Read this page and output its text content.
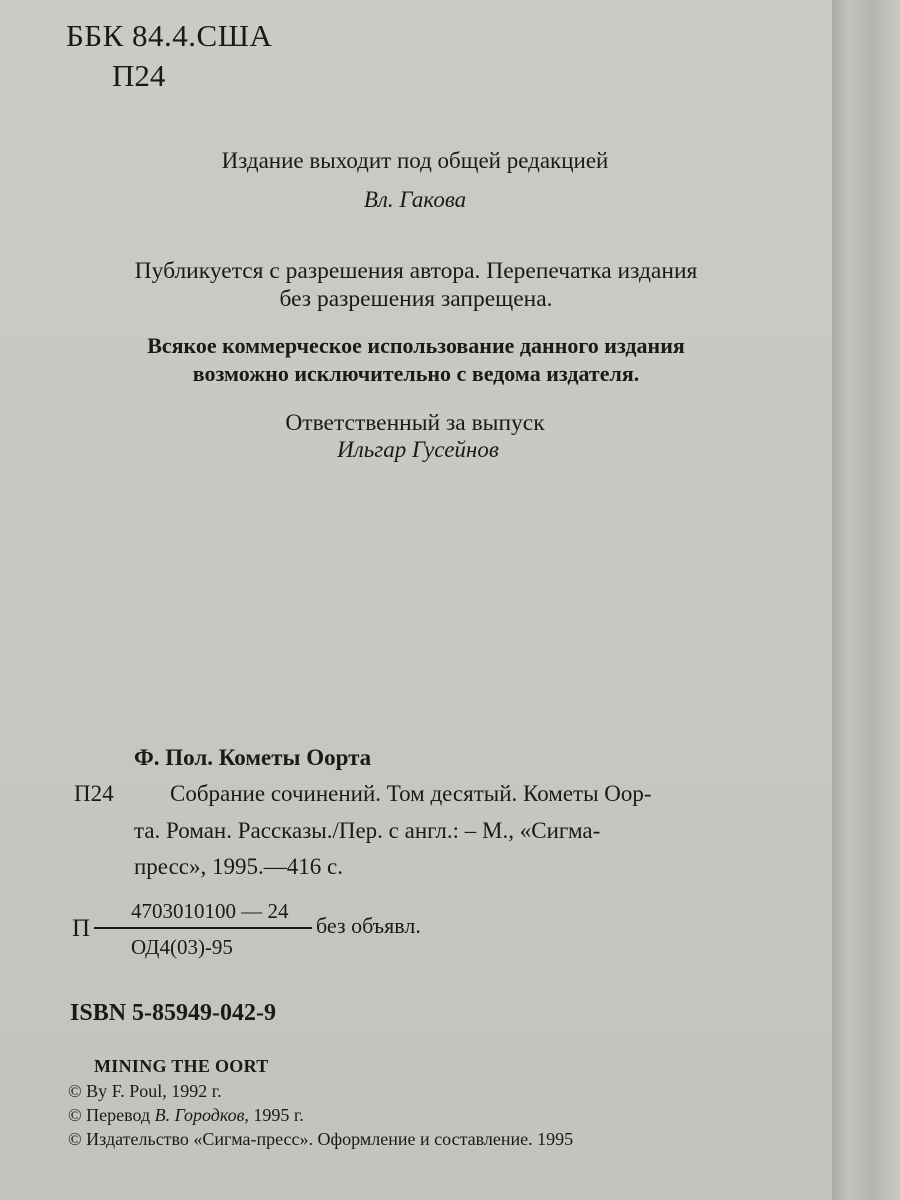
ББК 84.4.США
П24
Издание выходит под общей редакцией
Вл. Гакова
Публикуется с разрешения автора. Перепечатка издания
без разрешения запрещена.
Всякое коммерческое использование данного издания
возможно исключительно с ведома издателя.
Ответственный за выпуск
Ильгар Гусейнов
Ф. Пол. Кометы Оорта
П24 Собрание сочинений. Том десятый. Кометы Оор-
та. Роман. Рассказы./Пер. с англ.: – М., «Сигма-
пресс», 1995.—416 с.
П
4703010100 — 24
ОД4(03)-95
без объявл.
ISBN 5-85949-042-9
MINING THE OORT
© By F. Poul, 1992 г.
© Перевод В. Городков, 1995 г.
© Издательство «Сигма-пресс». Оформление и составление. 1995
